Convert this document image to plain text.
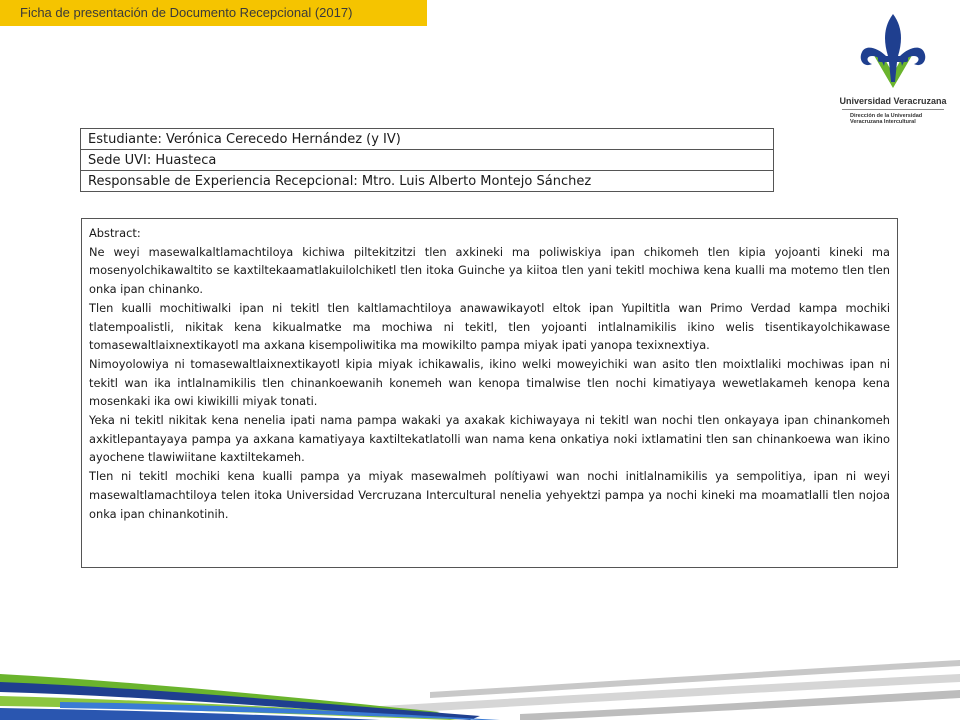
Ficha de presentación de Documento Recepcional (2017)
Universidad Veracruzana
Dirección de la Universidad
Veracruzana Intercultural
Estudiante: Verónica Cerecedo Hernández (y IV)
Sede UVI: Huasteca
Responsable de Experiencia Recepcional: Mtro. Luis Alberto Montejo Sánchez

Abstract:

Ne weyi masewalkaltlamachtiloya kichiwa piltekitzitzi tlen axkineki ma poliwiskiya ipan chikomeh tlen kipia yojoanti kineki ma mosenyolchikawaltito se kaxtiltekaamatlakuilolchiketl tlen itoka Guinche ya kiitoa tlen yani tekitl mochiwa kena kualli ma motemo tlen tlen onka ipan chinanko.

Tlen kualli mochitiwalki ipan ni tekitl tlen kaltlamachtiloya anawawikayotl eltok ipan Yupiltitla wan Primo Verdad kampa mochiki tlatempoalistli, nikitak kena kikualmatke ma mochiwa ni tekitl, tlen yojoanti intlalnamikilis ikino welis tisentikayolchikawase tomasewaltlaixnextikayotl ma axkana kisempoliwitika ma mowikilto pampa miyak ipati yanopa texixnextiya.

Nimoyolowiya ni tomasewaltlaixnextikayotl kipia miyak ichikawalis, ikino welki moweyichiki wan asito tlen moixtlaliki mochiwas ipan ni tekitl wan ika intlalnamikilis tlen chinankoewanih konemeh wan kenopa timalwise tlen nochi kimatiyaya wewetlakameh kenopa kena mosenkaki ika owi kiwikilli miyak tonati.

Yeka ni tekitl nikitak kena nenelia ipati nama pampa wakaki ya axakak kichiwayaya ni tekitl wan nochi tlen onkayaya ipan chinankomeh axkitlepantayaya pampa ya axkana kamatiyaya kaxtiltekatlatolli wan nama kena onkatiya noki ixtlamatini tlen san chinankoewa wan ikino ayochene tlawiwiitane kaxtiltekameh.

Tlen ni tekitl mochiki kena kualli pampa ya miyak masewalmeh polítiyawi wan nochi initlalnamikilis ya sempolitiya, ipan ni weyi masewaltlamachtiloya telen itoka Universidad Vercruzana Intercultural nenelia yehyektzi pampa ya nochi kineki ma moamatlalli tlen nojoa onka ipan chinankotinih.
